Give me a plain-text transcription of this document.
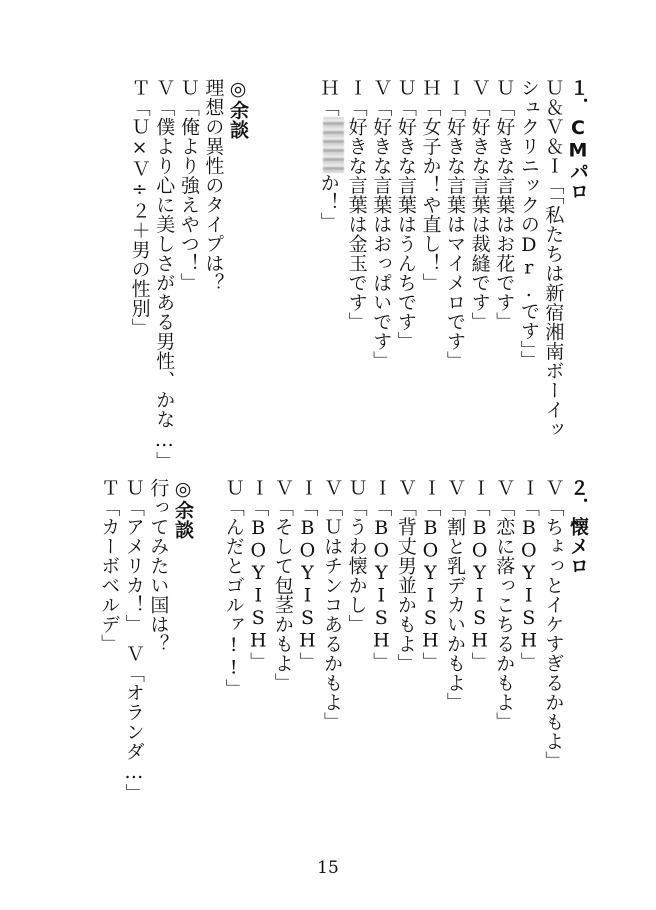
１．CMパロ
Ｕ＆Ｖ＆Ｉ「「私たちは新宿湘南ボーイッシュクリニックのDr.です」」
Ｕ「好きな言葉はお花です」
Ｖ「好きな言葉は裁縫です」
Ｉ「好きな言葉はマイメロです」
Ｈ「女子か！や直し！」
Ｕ「好きな言葉はうんちです」
Ｖ「好きな言葉はおっぱいです」
Ｉ「好きな言葉は金玉です」
Ｈ「か！」
◎余談
理想の異性のタイプは？
Ｕ「俺より強えやつ！」
Ｖ「僕より心に美しさがある男性、かな…」
Ｔ「Ｕ×Ｖ÷２＋男の性別」
２．懐メロ
Ｖ「ちょっとイケすぎるかもよ」
Ｉ「BOYISH」
Ｖ「恋に落っこちるかもよ」
Ｉ「BOYISH」
Ｖ「割と乳デカいかもよ」
Ｉ「BOYISH」
Ｖ「背丈男並かもよ」
Ｉ「BOYISH」
Ｕ「うわ懐かし」
Ｖ「Ｕはチンコあるかもよ」
Ｉ「BOYISH」
Ｖ「そして包茎かもよ」
Ｉ「BOYISH」
Ｕ「んだとゴルァ!!」
◎余談
行ってみたい国は？
Ｕ「アメリカ！」　Ｖ「オランダ…」
Ｔ「カーボベルデ」
15
